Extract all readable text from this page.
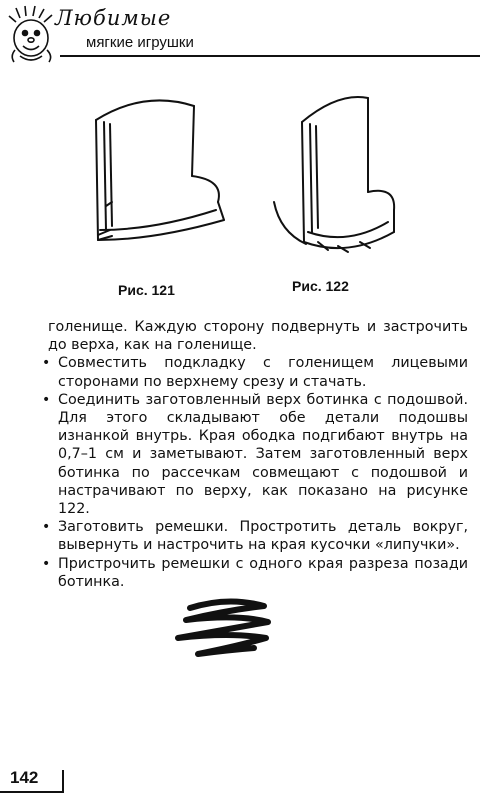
Любимые
мягкие игрушки
Рис. 121	Рис. 122

голенище. Каждую сторону подвернуть и застрочить до верха, как на голенище.

• Совместить подкладку с голенищем лицевыми сторонами по верхнему срезу и стачать.
• Соединить заготовленный верх ботинка с подошвой. Для этого складывают обе детали подошвы изнанкой внутрь. Края ободка подгибают внутрь на 0,7–1 см и заметывают. Затем заготовленный верх ботинка по рассечкам совмещают с подошвой и настрачивают по верху, как показано на рисунке 122.
• Заготовить ремешки. Простротить деталь вокруг, вывернуть и настрочить на края кусочки «липучки».
• Пристрочить ремешки с одного края разреза позади ботинка.
142
